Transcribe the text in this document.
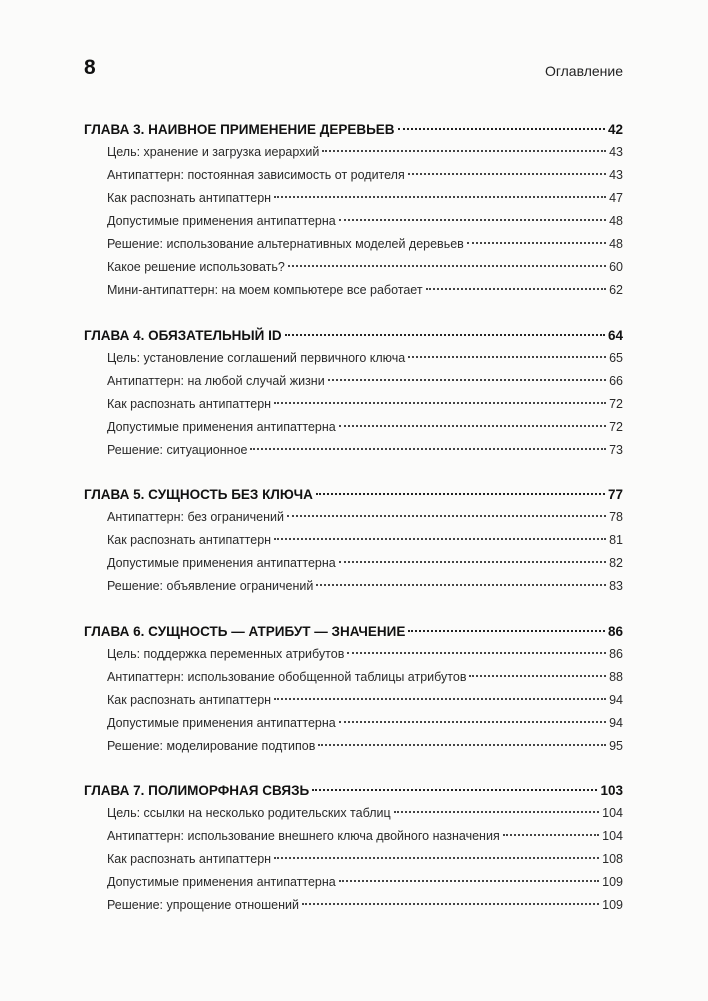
8	Оглавление
ГЛАВА 3. НАИВНОЕ ПРИМЕНЕНИЕ ДЕРЕВЬЕВ	42
Цель: хранение и загрузка иерархий	43
Антипаттерн: постоянная зависимость от родителя	43
Как распознать антипаттерн	47
Допустимые применения антипаттерна	48
Решение: использование альтернативных моделей деревьев	48
Какое решение использовать?	60
Мини-антипаттерн: на моем компьютере все работает	62
ГЛАВА 4. ОБЯЗАТЕЛЬНЫЙ ID	64
Цель: установление соглашений первичного ключа	65
Антипаттерн: на любой случай жизни	66
Как распознать антипаттерн	72
Допустимые применения антипаттерна	72
Решение: ситуационное	73
ГЛАВА 5. СУЩНОСТЬ БЕЗ КЛЮЧА	77
Антипаттерн: без ограничений	78
Как распознать антипаттерн	81
Допустимые применения антипаттерна	82
Решение: объявление ограничений	83
ГЛАВА 6. СУЩНОСТЬ — АТРИБУТ — ЗНАЧЕНИЕ	86
Цель: поддержка переменных атрибутов	86
Антипаттерн: использование обобщенной таблицы атрибутов	88
Как распознать антипаттерн	94
Допустимые применения антипаттерна	94
Решение: моделирование подтипов	95
ГЛАВА 7. ПОЛИМОРФНАЯ СВЯЗЬ	103
Цель: ссылки на несколько родительских таблиц	104
Антипаттерн: использование внешнего ключа двойного назначения	104
Как распознать антипаттерн	108
Допустимые применения антипаттерна	109
Решение: упрощение отношений	109
